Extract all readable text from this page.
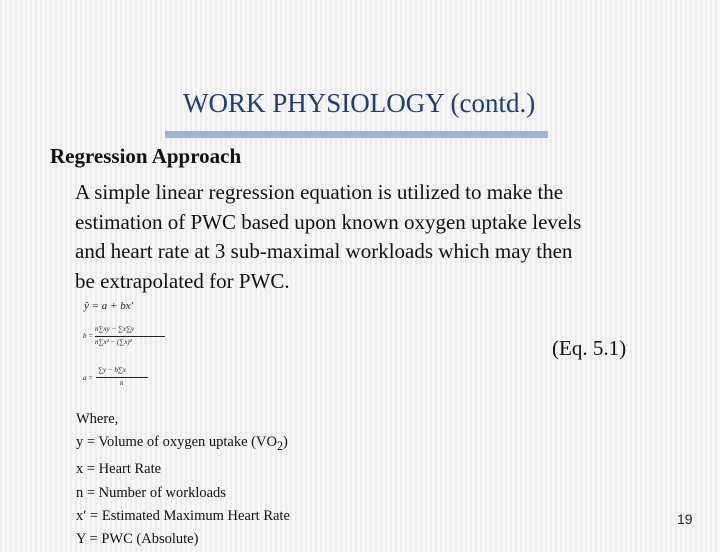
WORK PHYSIOLOGY (contd.)
Regression Approach
A simple linear regression equation is utilized to make the
estimation of PWC based upon known oxygen uptake levels
and heart rate at 3 sub-maximal workloads which may then
be extrapolated for PWC.
ŷ = a + bx′
b =
n∑xy − ∑x∑y
n∑x² − (∑x)²
a =
∑y − b∑x
n
(Eq. 5.1)
Where,
y = Volume of oxygen uptake $(VO_2)$
x = Heart Rate
n = Number of workloads
x′ = Estimated Maximum Heart Rate
Y = PWC (Absolute)
19
